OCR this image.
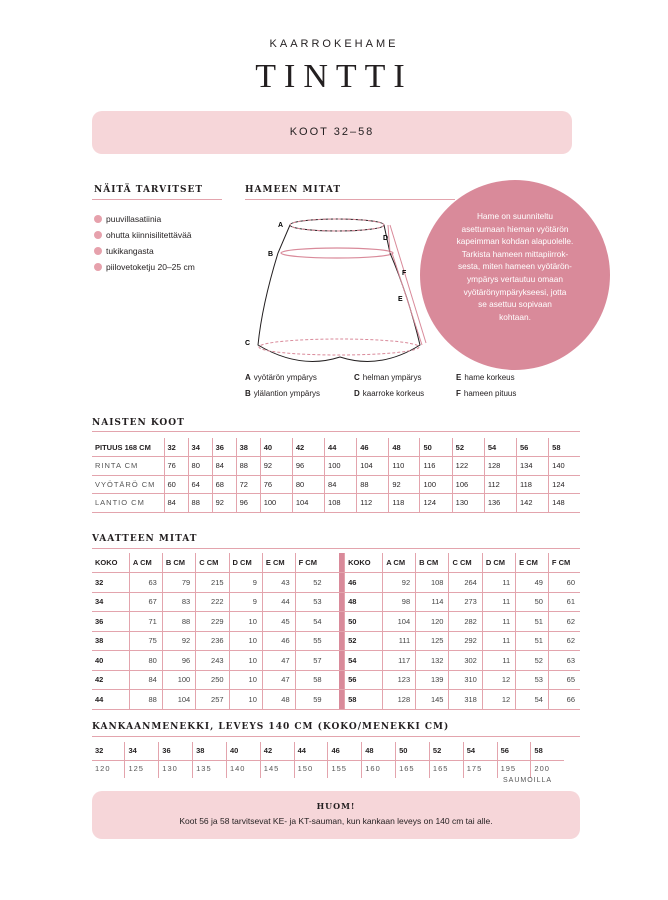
KAARROKEHAME
TINTTI
KOOT 32–58
NÄITÄ TARVITSET
puuvillasatiinia
ohutta kiinnisilitettävää
tukikangasta
piilovetoketju 20–25 cm
HAMEEN MITAT
A
B
C
D
E
F
Hame on suunniteltu
asettumaan hieman vyötärön
kapeimman kohdan alapuolelle.
Tarkista hameen mittapiirrok-
sesta, miten hameen vyötärön-
ympärys vertautuu omaan
vyötärönympärykseesi, jotta
se asettuu sopivaan
kohtaan.
A vyötärön ympärys	C helman ympärys	E hame korkeus
B ylälantion ympärys	D kaarroke korkeus	F hameen pituus
NAISTEN KOOT
PITUUS 168 CM	32	34	36	38	40	42	44	46	48	50	52	54	56	58
RINTA CM	76	80	84	88	92	96	100	104	110	116	122	128	134	140
VYÖTÄRÖ CM	60	64	68	72	76	80	84	88	92	100	106	112	118	124
LANTIO CM	84	88	92	96	100	104	108	112	118	124	130	136	142	148
VAATTEEN MITAT
KOKO	A CM	B CM	C CM	D CM	E CM	F CM			KOKO	A CM	B CM	C CM	D CM	E CM	F CM
32	63	79	215	9	43	52			46	92	108	264	11	49	60
34	67	83	222	9	44	53			48	98	114	273	11	50	61
36	71	88	229	10	45	54			50	104	120	282	11	51	62
38	75	92	236	10	46	55			52	111	125	292	11	51	62
40	80	96	243	10	47	57			54	117	132	302	11	52	63
42	84	100	250	10	47	58			56	123	139	310	12	53	65
44	88	104	257	10	48	59			58	128	145	318	12	54	66
KANKAANMENEKKI, LEVEYS 140 CM (KOKO/MENEKKI CM)
32	34	36	38	40	42	44	46	48	50	52	54	56	58
120	125	130	135	140	145	150	155	160	165	165	175	195	200
SAUMOILLA
HUOM!
Koot 56 ja 58 tarvitsevat KE- ja KT-sauman, kun kankaan leveys on 140 cm tai alle.
